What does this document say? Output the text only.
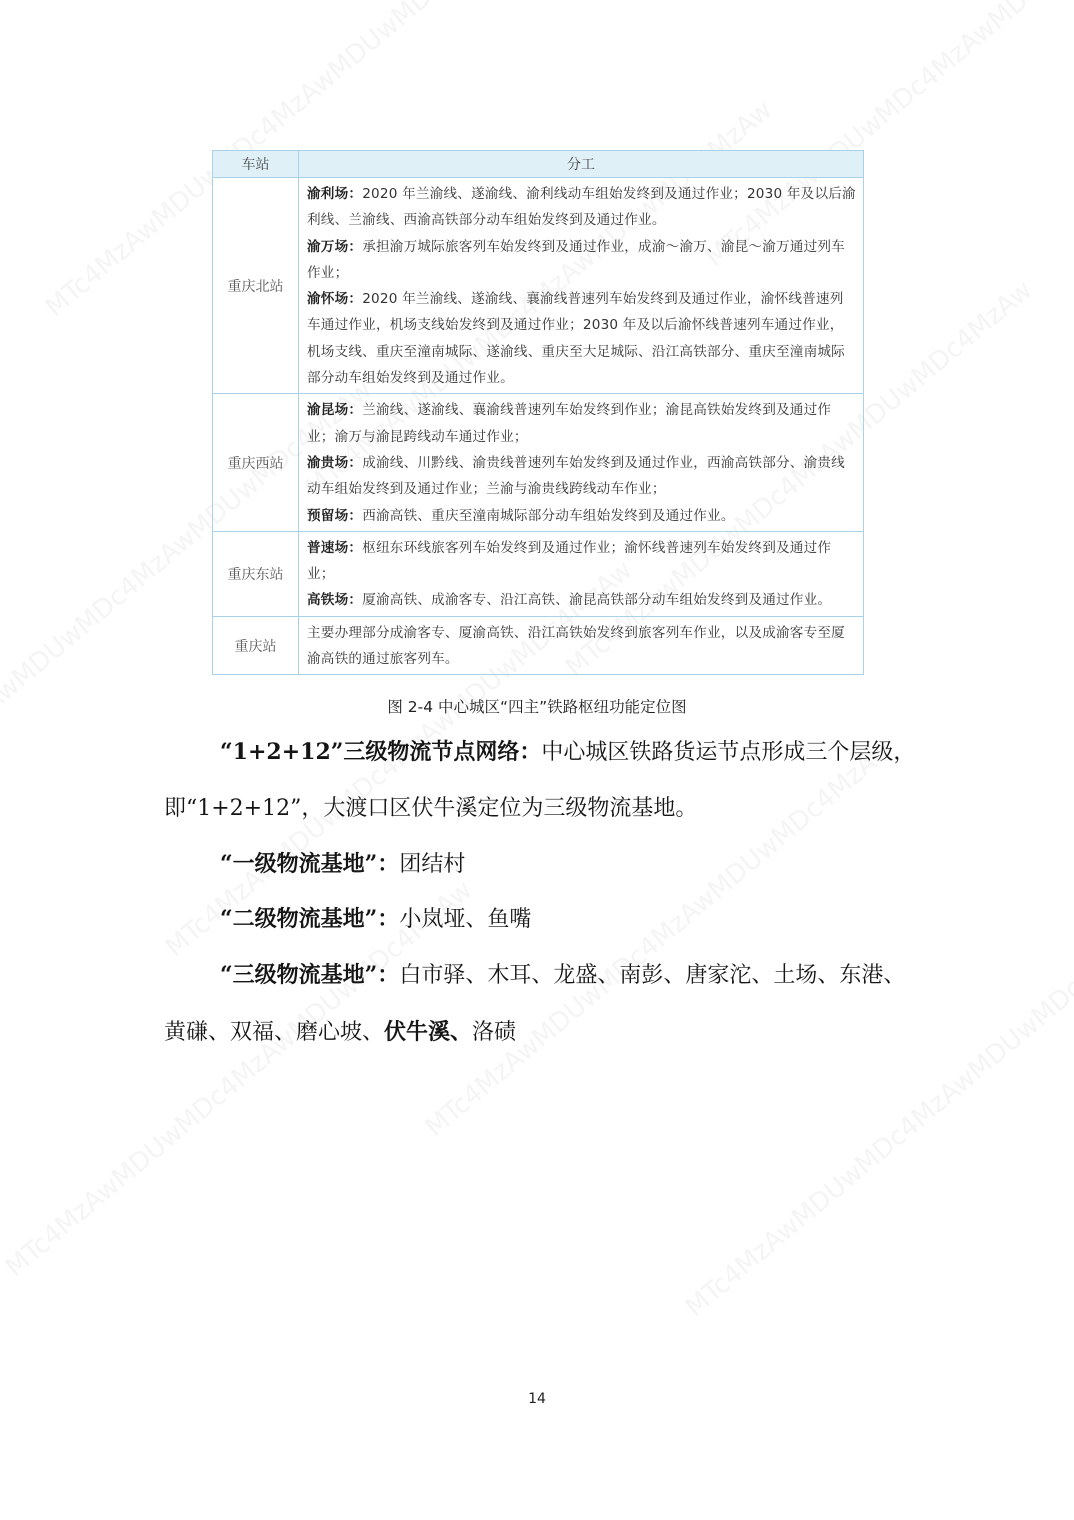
车站	分工
重庆北站	渝利场：2020 年兰渝线、遂渝线、渝利线动车组始发终到及通过作业；2030 年及以后渝利线、兰渝线、西渝高铁部分动车组始发终到及通过作业。
渝万场：承担渝万城际旅客列车始发终到及通过作业，成渝～渝万、渝昆～渝万通过列车作业；
渝怀场：2020 年兰渝线、遂渝线、襄渝线普速列车始发终到及通过作业，渝怀线普速列车通过作业，机场支线始发终到及通过作业；2030 年及以后渝怀线普速列车通过作业，机场支线、重庆至潼南城际、遂渝线、重庆至大足城际、沿江高铁部分、重庆至潼南城际部分动车组始发终到及通过作业。

重庆西站	渝昆场：兰渝线、遂渝线、襄渝线普速列车始发终到作业；渝昆高铁始发终到及通过作业；渝万与渝昆跨线动车通过作业；
渝贵场：成渝线、川黔线、渝贵线普速列车始发终到及通过作业，西渝高铁部分、渝贵线动车组始发终到及通过作业；兰渝与渝贵线跨线动车作业；
预留场：西渝高铁、重庆至潼南城际部分动车组始发终到及通过作业。

重庆东站	普速场：枢纽东环线旅客列车始发终到及通过作业；渝怀线普速列车始发终到及通过作业；
高铁场：厦渝高铁、成渝客专、沿江高铁、渝昆高铁部分动车组始发终到及通过作业。

重庆站	主要办理部分成渝客专、厦渝高铁、沿江高铁始发终到旅客列车作业，以及成渝客专至厦渝高铁的通过旅客列车。
图 2-4 中心城区“四主”铁路枢纽功能定位图

“1+2+12”三级物流节点网络：中心城区铁路货运节点形成三个层级，即“1+2+12”，大渡口区伏牛溪定位为三级物流基地。

“一级物流基地”：团结村

“二级物流基地”：小岚垭、鱼嘴

“三级物流基地”：白市驿、木耳、龙盛、南彭、唐家沱、土场、东港、黄磏、双福、磨心坡、伏牛溪、洛碛

14
